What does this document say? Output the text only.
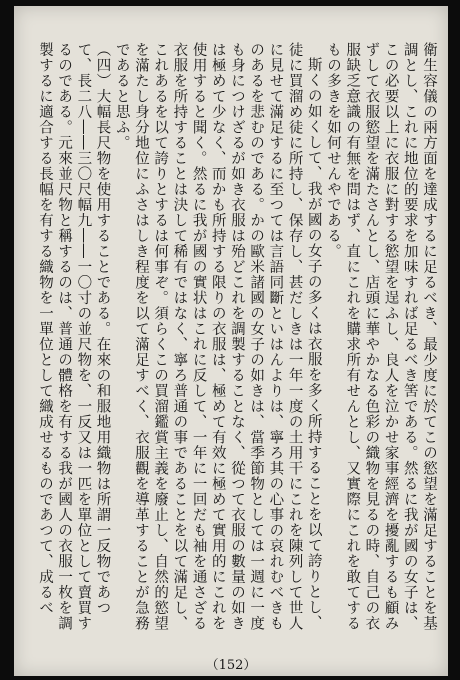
衛生容儀の兩方面を達成するに足るべき、最少度に於てこの慾望を滿足することを基調とし、これに地位的要求を加味すれば足るべき筈である。然るに我が國の女子は、この必要以上に衣服に對する慾望を逞ふし、良人を泣かせ家事經濟を擾亂するも顧みずして衣服慾望を滿たさんとし、店頭に華やかなる色彩の織物を見るの時、自己の衣服缺乏意識の有無を問はず、直にこれを購求所有せんとし、又實際にこれを敢てするもの多きを如何せんやである。

斯くの如くして、我が國の女子の多くは衣服を多く所持することを以て誇りとし、徒に買溜め徒に所持し、保存し、甚だしきは一年一度の土用干にこれを陳列して世人に見せて滿足するに至つては言語同斷といはんよりは、寧ろ其の心事の哀れむべきものあるを悲むのである。かの歐米諸國の女子の如きは、當季節物としては一週に一度も身につけざるが如き衣服は殆どこれを調製することなく、從つて衣服の數量の如きは極めて少なく、而かも所持する限りの衣服は、極めて有效に極めて實用的にこれを使用すると聞く。然るに我が國の實状はこれに反して、一年に一回だも袖を通さざる衣服を所持することは決して稀有ではなく、寧ろ普通の事であることを以て滿足し、これあるを以て誇りとするは何事ぞ。須らくこの買溜鑑賞主義を廢止し、自然的慾望を滿たし身分地位にふさはしき程度を以て滿足すべく、衣服觀を導革することが急務であると思ふ。

（四）大幅長尺物を使用することである。在來の和服地用織物は所謂一反物であつて、長二八――三〇尺幅九――一〇寸の並尺物を、一反又は一匹を單位として賣買するのである。元來並尺物と稱するのは、普通の體格を有する我が國人の衣服一枚を調製するに適合する長幅を有する織物を一單位として織成せるものであつて、成るべ

（152）
